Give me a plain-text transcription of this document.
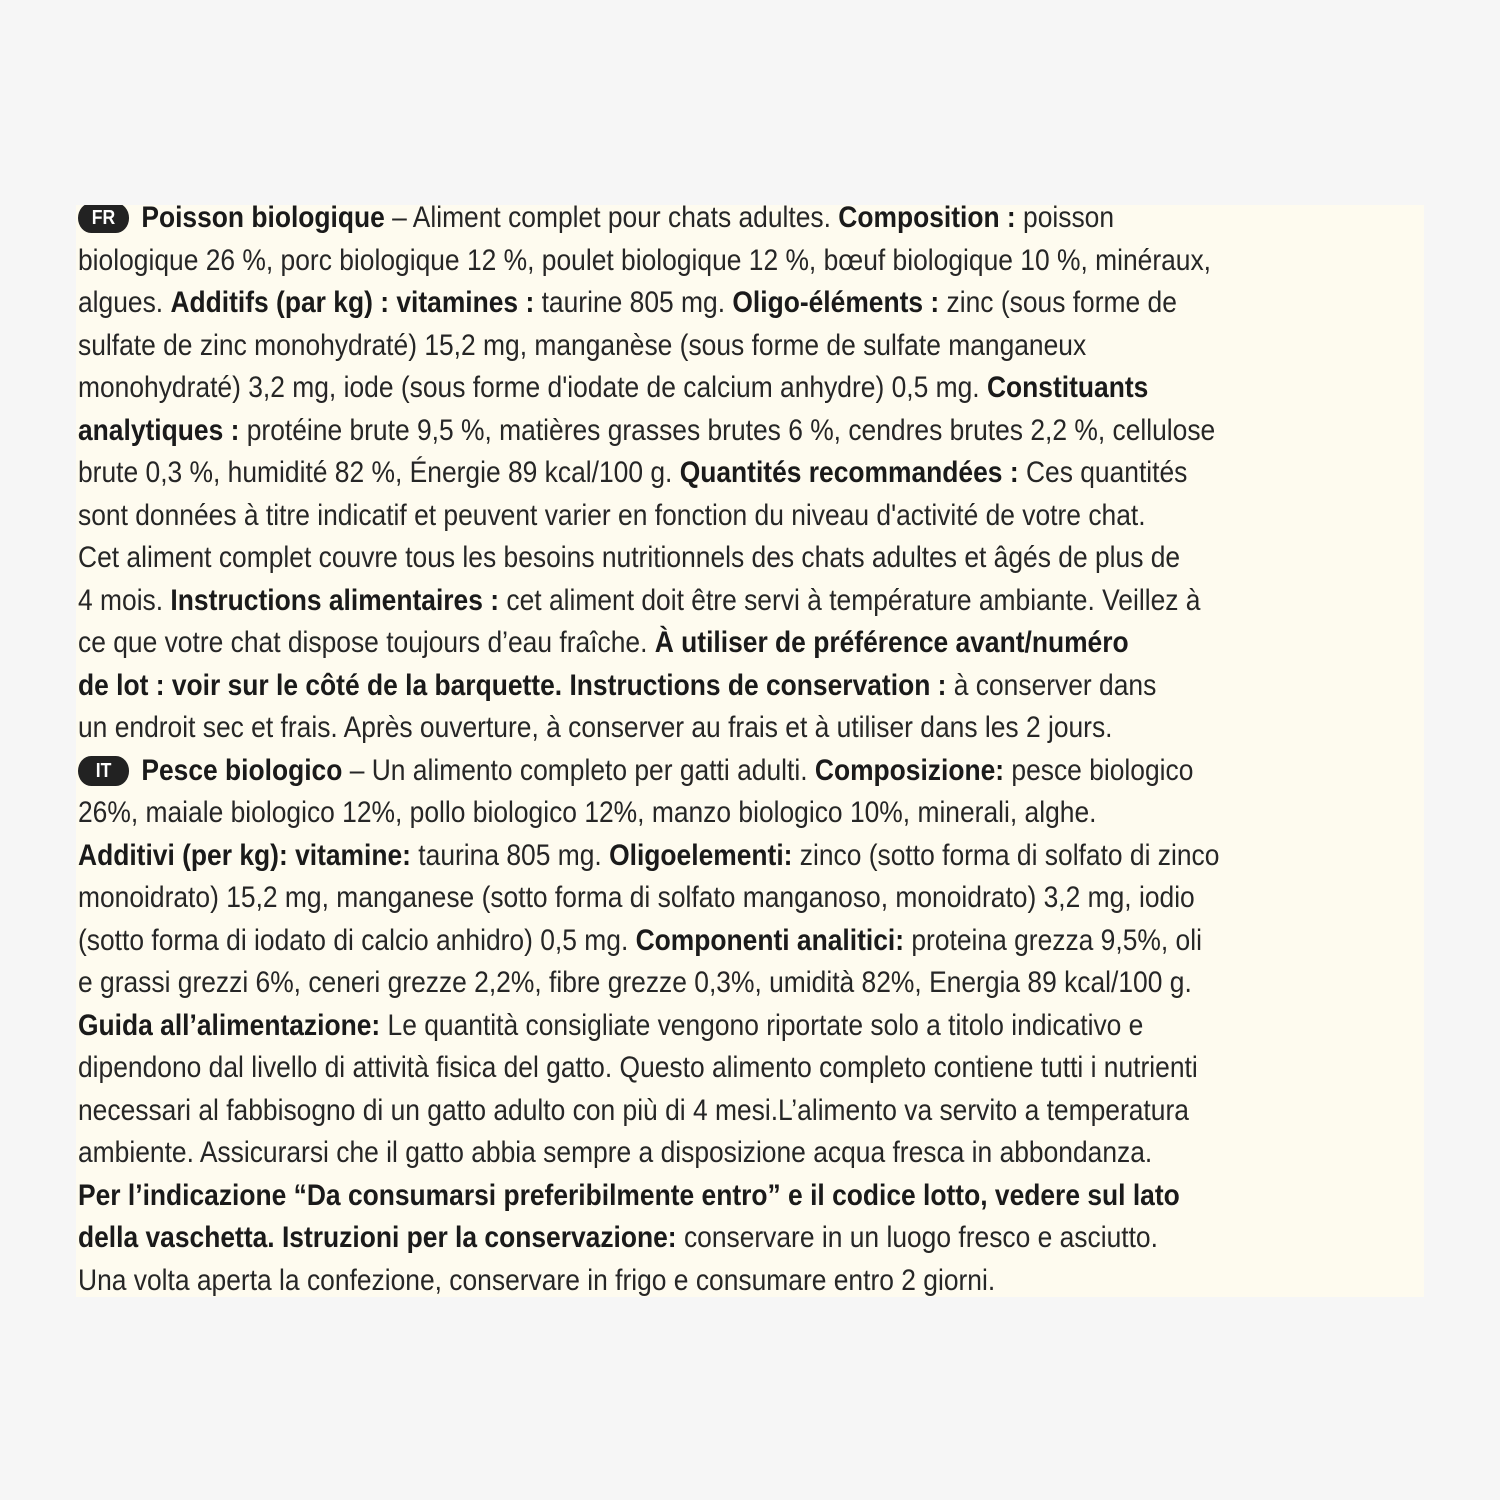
FR Poisson biologique – Aliment complet pour chats adultes. Composition : poisson
biologique 26 %, porc biologique 12 %, poulet biologique 12 %, bœuf biologique 10 %, minéraux,
algues. Additifs (par kg) : vitamines : taurine 805 mg. Oligo-éléments : zinc (sous forme de
sulfate de zinc monohydraté) 15,2 mg, manganèse (sous forme de sulfate manganeux
monohydraté) 3,2 mg, iode (sous forme d'iodate de calcium anhydre) 0,5 mg. Constituants
analytiques : protéine brute 9,5 %, matières grasses brutes 6 %, cendres brutes 2,2 %, cellulose
brute 0,3 %, humidité 82 %, Énergie 89 kcal/100 g. Quantités recommandées : Ces quantités
sont données à titre indicatif et peuvent varier en fonction du niveau d'activité de votre chat.
Cet aliment complet couvre tous les besoins nutritionnels des chats adultes et âgés de plus de
4 mois. Instructions alimentaires : cet aliment doit être servi à température ambiante. Veillez à
ce que votre chat dispose toujours d’eau fraîche. À utiliser de préférence avant/numéro
de lot : voir sur le côté de la barquette. Instructions de conservation : à conserver dans
un endroit sec et frais. Après ouverture, à conserver au frais et à utiliser dans les 2 jours.
IT Pesce biologico – Un alimento completo per gatti adulti. Composizione: pesce biologico
26%, maiale biologico 12%, pollo biologico 12%, manzo biologico 10%, minerali, alghe.
Additivi (per kg): vitamine: taurina 805 mg. Oligoelementi: zinco (sotto forma di solfato di zinco
monoidrato) 15,2 mg, manganese (sotto forma di solfato manganoso, monoidrato) 3,2 mg, iodio
(sotto forma di iodato di calcio anhidro) 0,5 mg. Componenti analitici: proteina grezza 9,5%, oli
e grassi grezzi 6%, ceneri grezze 2,2%, fibre grezze 0,3%, umidità 82%, Energia 89 kcal/100 g.
Guida all’alimentazione: Le quantità consigliate vengono riportate solo a titolo indicativo e
dipendono dal livello di attività fisica del gatto. Questo alimento completo contiene tutti i nutrienti
necessari al fabbisogno di un gatto adulto con più di 4 mesi.L’alimento va servito a temperatura
ambiente. Assicurarsi che il gatto abbia sempre a disposizione acqua fresca in abbondanza.
Per l’indicazione “Da consumarsi preferibilmente entro” e il codice lotto, vedere sul lato
della vaschetta. Istruzioni per la conservazione: conservare in un luogo fresco e asciutto.
Una volta aperta la confezione, conservare in frigo e consumare entro 2 giorni.
